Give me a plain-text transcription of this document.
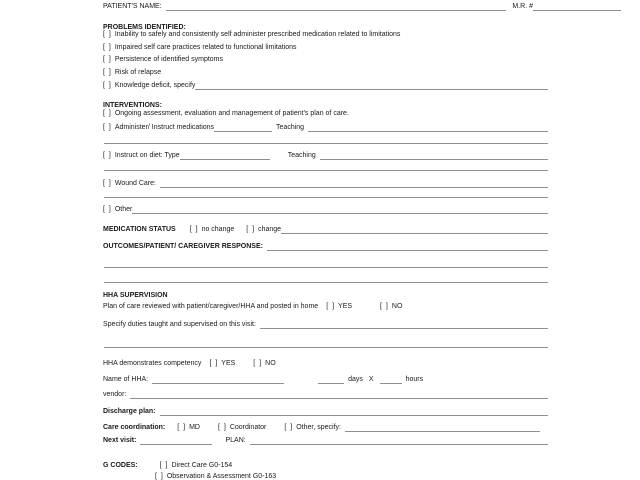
PATIENT'S NAME:	M.R. #
PROBLEMS IDENTIFIED:
[ ] Inability to safely and consistently self administer prescribed medication related to limitations
[ ] Impaired self care practices related to functional limitations
[ ] Persistence of identified symptoms
[ ] Risk of relapse
[ ] Knowledge deficit, specify
INTERVENTIONS:
[ ] Ongoing assessment, evaluation and management of patient's plan of care.
[ ] Administer/ Instruct medications	Teaching
[ ] Instruct on diet: Type	Teaching
[ ] Wound Care:
[ ] Other
MEDICATION STATUS [ ] no change [ ] change
OUTCOMES/PATIENT/ CAREGIVER RESPONSE:
HHA SUPERVISION
Plan of care reviewed with patient/caregiver/HHA and posted in home [ ] YES	[ ] NO
Specify duties taught and supervised on this visit:
HHA demonstrates competency [ ] YES	[ ] NO
Name of HHA:	days X	hours
vendor:
Discharge plan:
Care coordination: [ ] MD	[ ] Coordinator	[ ] Other, specify:
Next visit:	PLAN:
G CODES:	[ ] Direct Care G0-154
[ ] Observation & Assessment G0-163
